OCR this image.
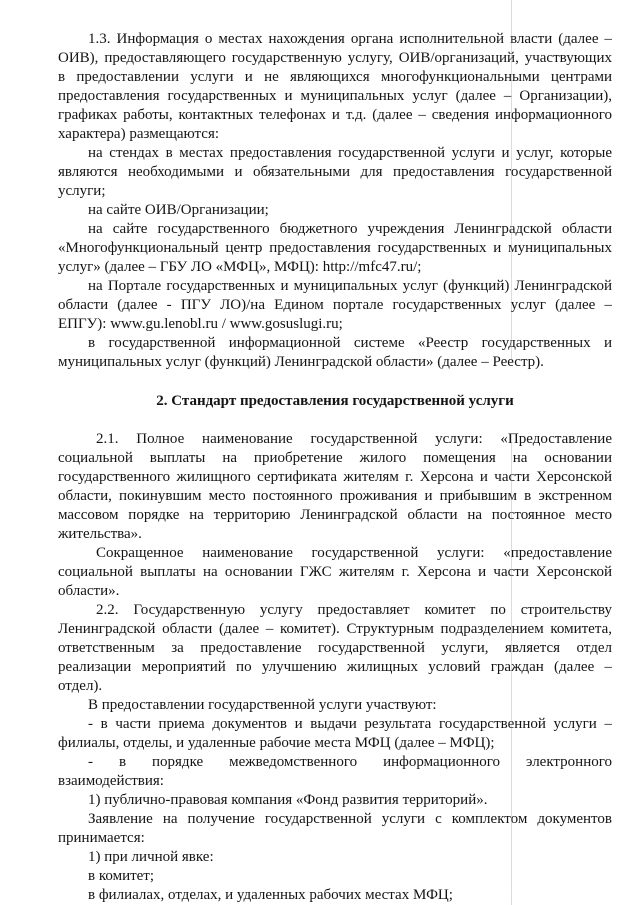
1.3. Информация о местах нахождения органа исполнительной власти (далее –
ОИВ), предоставляющего государственную услугу, ОИВ/организаций, участвующих
в предоставлении услуги и не являющихся многофункциональными центрами
предоставления государственных и муниципальных услуг (далее – Организации),
графиках работы, контактных телефонах и т.д. (далее – сведения информационного
характера) размещаются:
на стендах в местах предоставления государственной услуги и услуг, которые
являются необходимыми и обязательными для предоставления государственной
услуги;
на сайте ОИВ/Организации;
на сайте государственного бюджетного учреждения Ленинградской области
«Многофункциональный центр предоставления государственных и муниципальных
услуг» (далее – ГБУ ЛО «МФЦ», МФЦ): http://mfc47.ru/;
на Портале государственных и муниципальных услуг (функций) Ленинградской
области (далее - ПГУ ЛО)/на Едином портале государственных услуг (далее –
ЕПГУ): www.gu.lenobl.ru / www.gosuslugi.ru;
в государственной информационной системе «Реестр государственных и
муниципальных услуг (функций) Ленинградской области» (далее – Реестр).
2. Стандарт предоставления государственной услуги
2.1. Полное наименование государственной услуги: «Предоставление
социальной выплаты на приобретение жилого помещения на основании
государственного жилищного сертификата жителям г. Херсона и части Херсонской
области, покинувшим место постоянного проживания и прибывшим в экстренном
массовом порядке на территорию Ленинградской области на постоянное место
жительства».
Сокращенное наименование государственной услуги: «предоставление
социальной выплаты на основании ГЖС жителям г. Херсона и части Херсонской
области».
2.2. Государственную услугу предоставляет комитет по строительству
Ленинградской области (далее – комитет). Структурным подразделением комитета,
ответственным за предоставление государственной услуги, является отдел
реализации мероприятий по улучшению жилищных условий граждан (далее –
отдел).
В предоставлении государственной услуги участвуют:
- в части приема документов и выдачи результата государственной услуги –
филиалы, отделы, и удаленные рабочие места МФЦ (далее – МФЦ);
- в порядке межведомственного информационного электронного
взаимодействия:
1) публично-правовая компания «Фонд развития территорий».
Заявление на получение государственной услуги с комплектом документов
принимается:
1) при личной явке:
в комитет;
в филиалах, отделах, и удаленных рабочих местах МФЦ;
